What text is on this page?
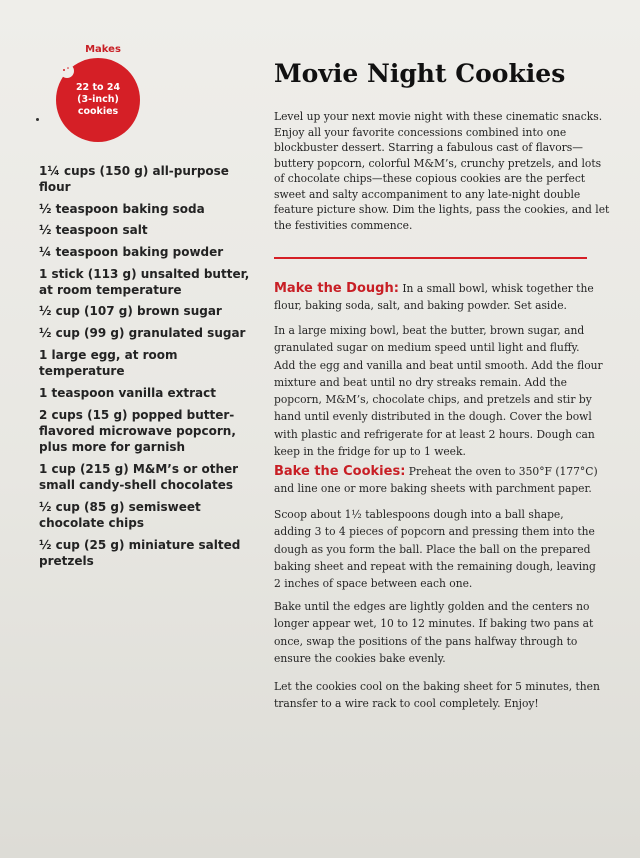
Makes
22 to 24
(3-inch)
cookies
1¼ cups (150 g) all-purpose flour
½ teaspoon baking soda
½ teaspoon salt
¼ teaspoon baking powder
1 stick (113 g) unsalted butter, at room temperature
½ cup (107 g) brown sugar
½ cup (99 g) granulated sugar
1 large egg, at room temperature
1 teaspoon vanilla extract
2 cups (15 g) popped butter-flavored microwave popcorn, plus more for garnish
1 cup (215 g) M&M’s or other small candy-shell chocolates
½ cup (85 g) semisweet chocolate chips
½ cup (25 g) miniature salted pretzels
Movie Night Cookies

Level up your next movie night with these cinematic snacks. Enjoy all your favorite concessions combined into one blockbuster dessert. Starring a fabulous cast of flavors—buttery popcorn, colorful M&M’s, crunchy pretzels, and lots of chocolate chips—these copious cookies are the perfect sweet and salty accompaniment to any late-night double feature picture show. Dim the lights, pass the cookies, and let the festivities commence.

Make the Dough: In a small bowl, whisk together the flour, baking soda, salt, and baking powder. Set aside.

In a large mixing bowl, beat the butter, brown sugar, and granulated sugar on medium speed until light and fluffy. Add the egg and vanilla and beat until smooth. Add the flour mixture and beat until no dry streaks remain. Add the popcorn, M&M’s, chocolate chips, and pretzels and stir by hand until evenly distributed in the dough. Cover the bowl with plastic and refrigerate for at least 2 hours. Dough can keep in the fridge for up to 1 week.

Bake the Cookies: Preheat the oven to 350°F (177°C) and line one or more baking sheets with parchment paper.

Scoop about 1½ tablespoons dough into a ball shape, adding 3 to 4 pieces of popcorn and pressing them into the dough as you form the ball. Place the ball on the prepared baking sheet and repeat with the remaining dough, leaving 2 inches of space between each one.

Bake until the edges are lightly golden and the centers no longer appear wet, 10 to 12 minutes. If baking two pans at once, swap the positions of the pans halfway through to ensure the cookies bake evenly.

Let the cookies cool on the baking sheet for 5 minutes, then transfer to a wire rack to cool completely. Enjoy!
